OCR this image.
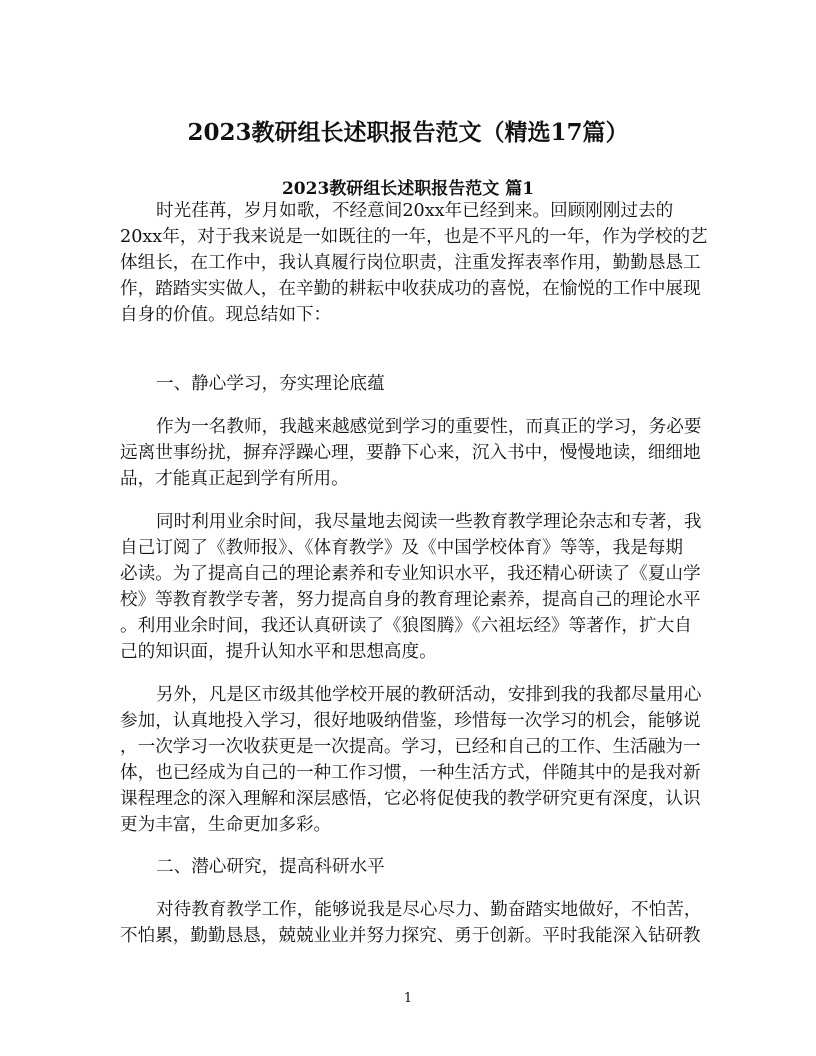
2023教研组长述职报告范文（精选17篇）
2023教研组长述职报告范文 篇1
时光荏苒，岁月如歌，不经意间20xx年已经到来。回顾刚刚过去的
20xx年，对于我来说是一如既往的一年，也是不平凡的一年，作为学校的艺
体组长，在工作中，我认真履行岗位职责，注重发挥表率作用，勤勤恳恳工
作，踏踏实实做人，在辛勤的耕耘中收获成功的喜悦，在愉悦的工作中展现
自身的价值。现总结如下：
一、静心学习，夯实理论底蕴
作为一名教师，我越来越感觉到学习的重要性，而真正的学习，务必要
远离世事纷扰，摒弃浮躁心理，要静下心来，沉入书中，慢慢地读，细细地
品，才能真正起到学有所用。
同时利用业余时间，我尽量地去阅读一些教育教学理论杂志和专著，我
自己订阅了《教师报》、《体育教学》及《中国学校体育》等等，我是每期
必读。为了提高自己的理论素养和专业知识水平，我还精心研读了《夏山学
校》等教育教学专著，努力提高自身的教育理论素养，提高自己的理论水平
。利用业余时间，我还认真研读了《狼图腾》《六祖坛经》等著作，扩大自
己的知识面，提升认知水平和思想高度。
另外，凡是区市级其他学校开展的教研活动，安排到我的我都尽量用心
参加，认真地投入学习，很好地吸纳借鉴，珍惜每一次学习的机会，能够说
，一次学习一次收获更是一次提高。学习，已经和自己的工作、生活融为一
体，也已经成为自己的一种工作习惯，一种生活方式，伴随其中的是我对新
课程理念的深入理解和深层感悟，它必将促使我的教学研究更有深度，认识
更为丰富，生命更加多彩。
二、潜心研究，提高科研水平
对待教育教学工作，能够说我是尽心尽力、勤奋踏实地做好，不怕苦，
不怕累，勤勤恳恳，兢兢业业并努力探究、勇于创新。平时我能深入钻研教
1
